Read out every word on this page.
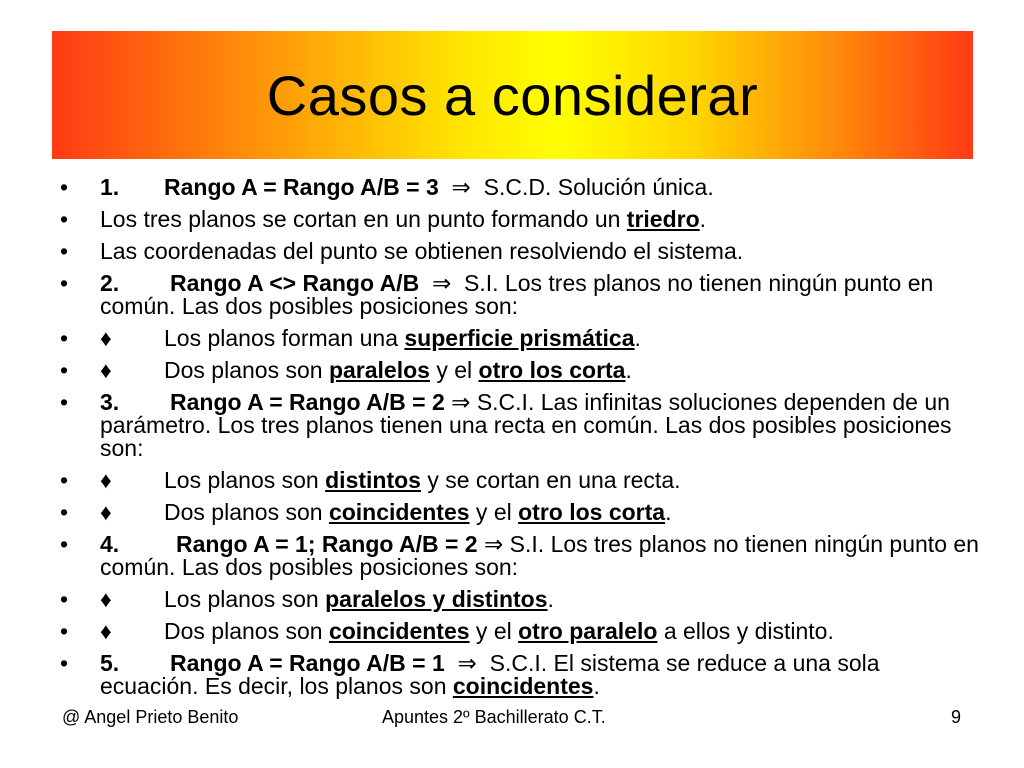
Casos a considerar
• 1. Rango A = Rango A/B = 3 ⇒ S.C.D. Solución única.
• Los tres planos se cortan en un punto formando un triedro.
• Las coordenadas del punto se obtienen resolviendo el sistema.
• 2. Rango A <> Rango A/B ⇒ S.I. Los tres planos no tienen ningún punto en común. Las dos posibles posiciones son:
• ♦ Los planos forman una superficie prismática.
• ♦ Dos planos son paralelos y el otro los corta.
• 3. Rango A = Rango A/B = 2 ⇒ S.C.I. Las infinitas soluciones dependen de un parámetro. Los tres planos tienen una recta en común. Las dos posibles posiciones son:
• ♦ Los planos son distintos y se cortan en una recta.
• ♦ Dos planos son coincidentes y el otro los corta.
• 4. Rango A = 1; Rango A/B = 2 ⇒ S.I. Los tres planos no tienen ningún punto en común. Las dos posibles posiciones son:
• ♦ Los planos son paralelos y distintos.
• ♦ Dos planos son coincidentes y el otro paralelo a ellos y distinto.
• 5. Rango A = Rango A/B = 1 ⇒ S.C.I. El sistema se reduce a una sola ecuación. Es decir, los planos son coincidentes.
@ Angel Prieto Benito	Apuntes 2º Bachillerato C.T.	9
